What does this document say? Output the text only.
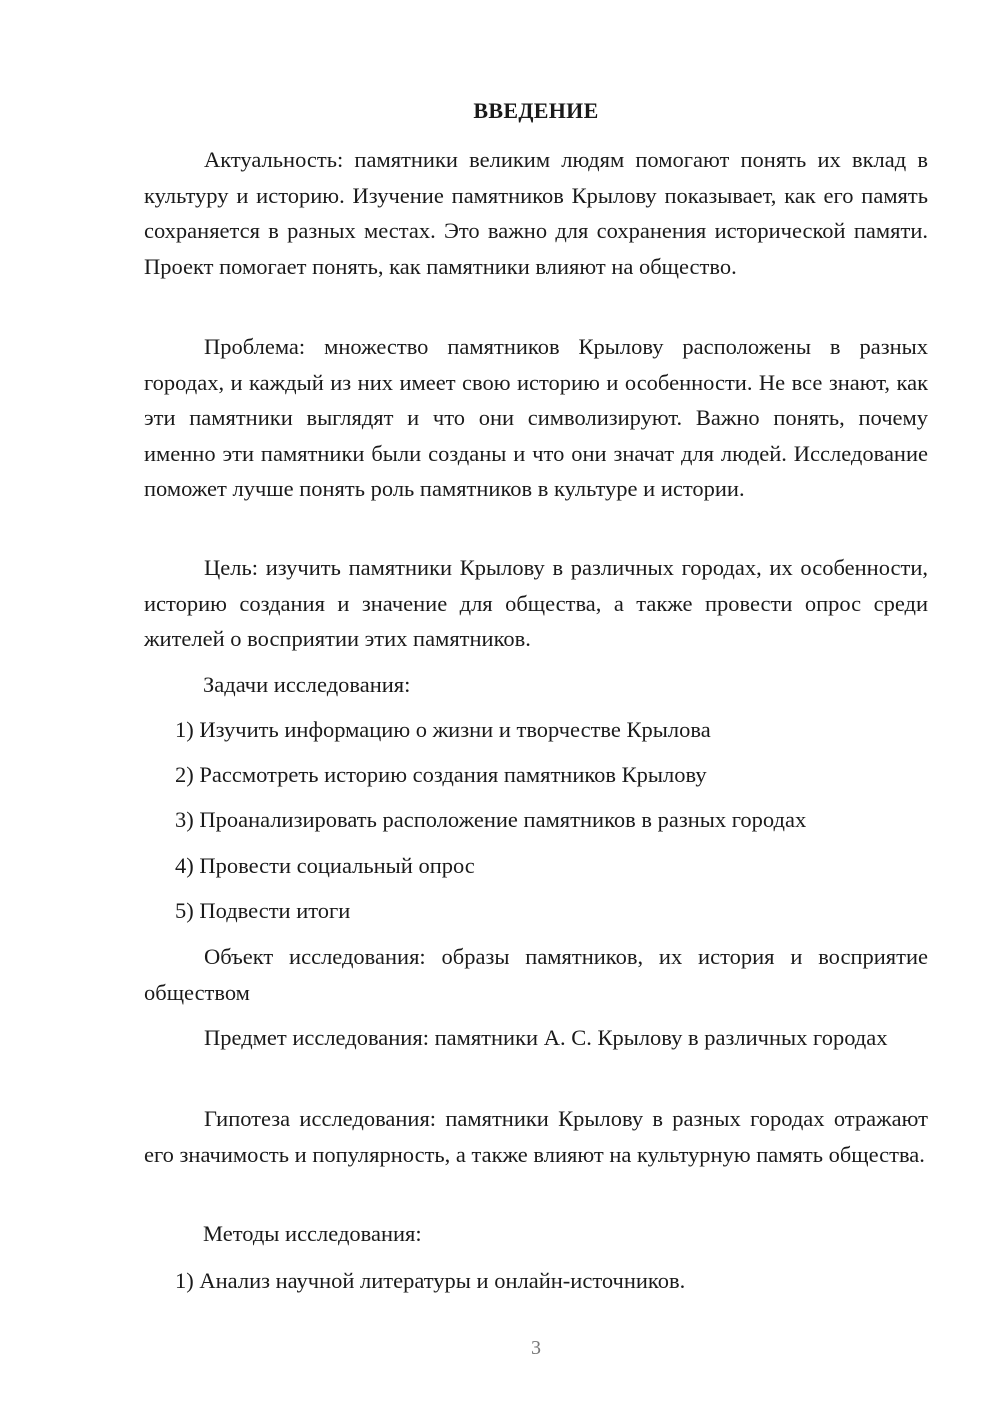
ВВЕДЕНИЕ

Актуальность: памятники великим людям помогают понять их вклад в культуру и историю. Изучение памятников Крылову показывает, как его память сохраняется в разных местах. Это важно для сохранения исторической памяти. Проект помогает понять, как памятники влияют на общество.

Проблема: множество памятников Крылову расположены в разных городах, и каждый из них имеет свою историю и особенности. Не все знают, как эти памятники выглядят и что они символизируют. Важно понять, почему именно эти памятники были созданы и что они значат для людей. Исследование поможет лучше понять роль памятников в культуре и истории.

Цель: изучить памятники Крылову в различных городах, их особенности, историю создания и значение для общества, а также провести опрос среди жителей о восприятии этих памятников.

Задачи исследования:

1) Изучить информацию о жизни и творчестве Крылова

2) Рассмотреть историю создания памятников Крылову

3) Проанализировать расположение памятников в разных городах

4) Провести социальный опрос

5) Подвести итоги

Объект исследования: образы памятников, их история и восприятие обществом

Предмет исследования: памятники А. С. Крылову в различных городах

Гипотеза исследования: памятники Крылову в разных городах отражают его значимость и популярность, а также влияют на культурную память общества.

Методы исследования:

1) Анализ научной литературы и онлайн-источников.

3
